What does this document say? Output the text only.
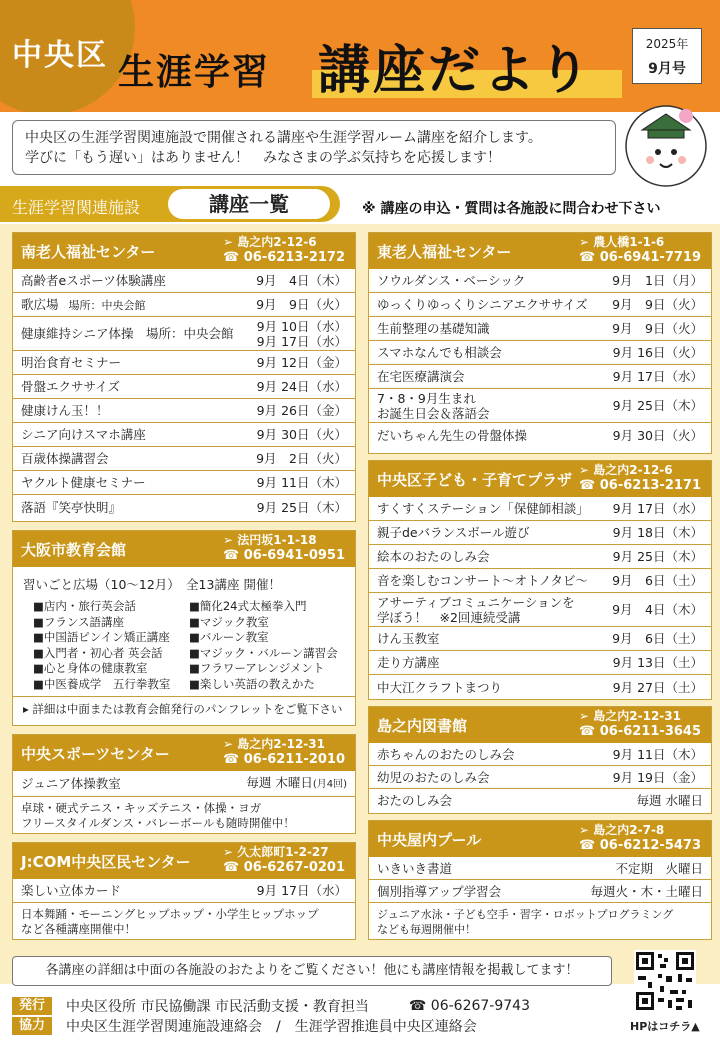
中央区 生涯学習 講座だより	2025年
9月号
中央区の生涯学習関連施設で開催される講座や生涯学習ルーム講座を紹介します。
学びに「もう遅い」はありません！　みなさまの学ぶ気持ちを応援します！
生涯学習関連施設	講座一覧	※ 講座の申込・質問は各施設に問合わせ下さい
南老人福祉センター
➢ 島之内2-12-6
☎ 06-6213-2172
高齢者eスポーツ体験講座	9月　4日（木）
歌広場 場所：中央会館	9月　9日（火）
健康維持シニア体操　場所：中央会館	9月 10日（水）
9月 17日（水）
明治食育セミナー	9月 12日（金）
骨盤エクササイズ	9月 24日（水）
健康けん玉！！	9月 26日（金）
シニア向けスマホ講座	9月 30日（火）
百歳体操講習会	9月　2日（火）
ヤクルト健康セミナー	9月 11日（木）
落語『笑亭快眀』	9月 25日（木）
大阪市教育会館
➢ 法円坂1-1-18
☎ 06-6941-0951
習いごと広場（10～12月）　全13講座 開催！
■店内・旅行英会話	■簡化24式太極拳入門
■フランス語講座	■マジック教室
■中国語ピンイン矯正講座	■バルーン教室
■入門者・初心者 英会話	■マジック・バルーン講習会
■心と身体の健康教室	■フラワーアレンジメント
■中医養成学　五行拳教室	■楽しい英語の教えかた
▸ 詳細は中面または教育会館発行のパンフレットをご覧下さい
中央スポーツセンター
➢ 島之内2-12-31
☎ 06-6211-2010
ジュニア体操教室	毎週 木曜日(月4回)
卓球・硬式テニス・キッズテニス・体操・ヨガ
フリースタイルダンス・バレーボールも随時開催中！
J:COM中央区民センター
➢ 久太郎町1-2-27
☎ 06-6267-0201
楽しい立体カード	9月 17日（水）
日本舞踊・モーニングヒップホップ・小学生ヒップホップ
など各種講座開催中！
東老人福祉センター
➢ 農人橋1-1-6
☎ 06-6941-7719
ソウルダンス・ベーシック	9月　1日（月）
ゆっくりゆっくりシニアエクササイズ	9月　9日（火）
生前整理の基礎知識	9月　9日（火）
スマホなんでも相談会	9月 16日（火）
在宅医療講演会	9月 17日（水）
7・8・9月生まれ
お誕生日会＆落語会	9月 25日（木）
だいちゃん先生の骨盤体操	9月 30日（火）
中央区子ども・子育てプラザ
➢ 島之内2-12-6
☎ 06-6213-2171
すくすくステーション「保健師相談」	9月 17日（水）
親子deバランスボール遊び	9月 18日（木）
絵本のおたのしみ会	9月 25日（木）
音を楽しむコンサート～オトノタビ～	9月　6日（土）
アサーティブコミュニケーションを
学ぼう！　※2回連続受講	9月　4日（木）
けん玉教室	9月　6日（土）
走り方講座	9月 13日（土）
中大江クラフトまつり	9月 27日（土）
島之内図書館
➢ 島之内2-12-31
☎ 06-6211-3645
赤ちゃんのおたのしみ会	9月 11日（木）
幼児のおたのしみ会	9月 19日（金）
おたのしみ会	毎週 水曜日
中央屋内プール
➢ 島之内2-7-8
☎ 06-6212-5473
いきいき書道	不定期　火曜日
個別指導アップ学習会	毎週火・木・土曜日
ジュニア水泳・子ども空手・習字・ロボットプログラミング
なども毎週開催中！
各講座の詳細は中面の各施設のおたよりをご覧ください！他にも講座情報を掲載してます！
HPはコチラ▲
発行	中央区役所 市民協働課 市民活動支援・教育担当	☎ 06-6267-9743
協力	中央区生涯学習関連施設連絡会　/　生涯学習推進員中央区連絡会
